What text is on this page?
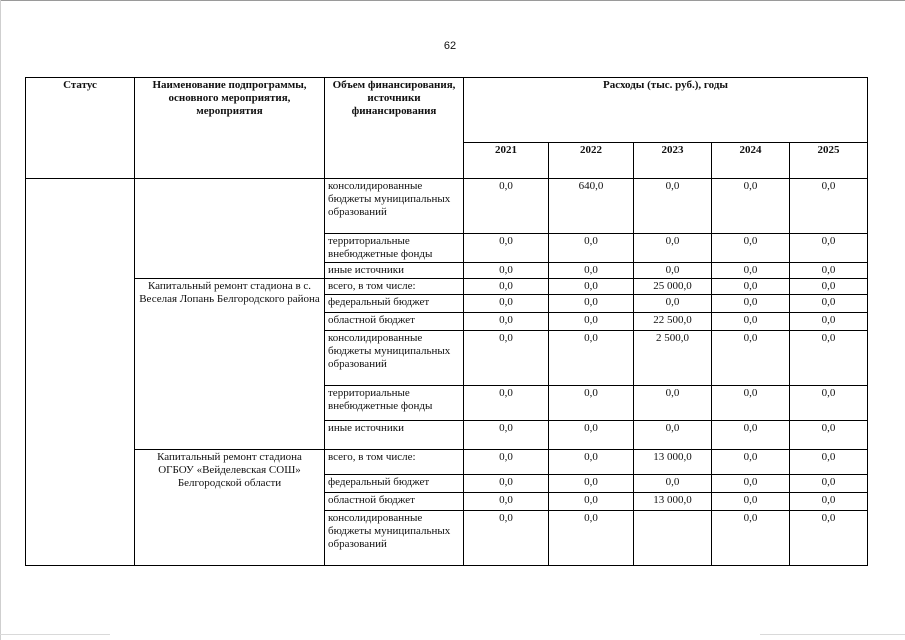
62
Статус	Наименование подпрограммы, основного мероприятия, мероприятия	Объем финансирования, источники финансирования	Расходы (тыс. руб.), годы				
			2021	2022	2023	2024	2025
		консолидированные бюджеты муниципальных образований	0,0	640,0	0,0	0,0	0,0
		территориальные внебюджетные фонды	0,0	0,0	0,0	0,0	0,0
		иные источники	0,0	0,0	0,0	0,0	0,0
	Капитальный ремонт стадиона в с. Веселая Лопань Белгородского района	всего, в том числе:	0,0	0,0	25 000,0	0,0	0,0
		федеральный бюджет	0,0	0,0	0,0	0,0	0,0
		областной бюджет	0,0	0,0	22 500,0	0,0	0,0
		консолидированные бюджеты муниципальных образований	0,0	0,0	2 500,0	0,0	0,0
		территориальные внебюджетные фонды	0,0	0,0	0,0	0,0	0,0
		иные источники	0,0	0,0	0,0	0,0	0,0
	Капитальный ремонт стадиона ОГБОУ «Вейделевская СОШ» Белгородской области	всего, в том числе:	0,0	0,0	13 000,0	0,0	0,0
		федеральный бюджет	0,0	0,0	0,0	0,0	0,0
		областной бюджет	0,0	0,0	13 000,0	0,0	0,0
		консолидированные бюджеты муниципальных образований	0,0	0,0		0,0	0,0
